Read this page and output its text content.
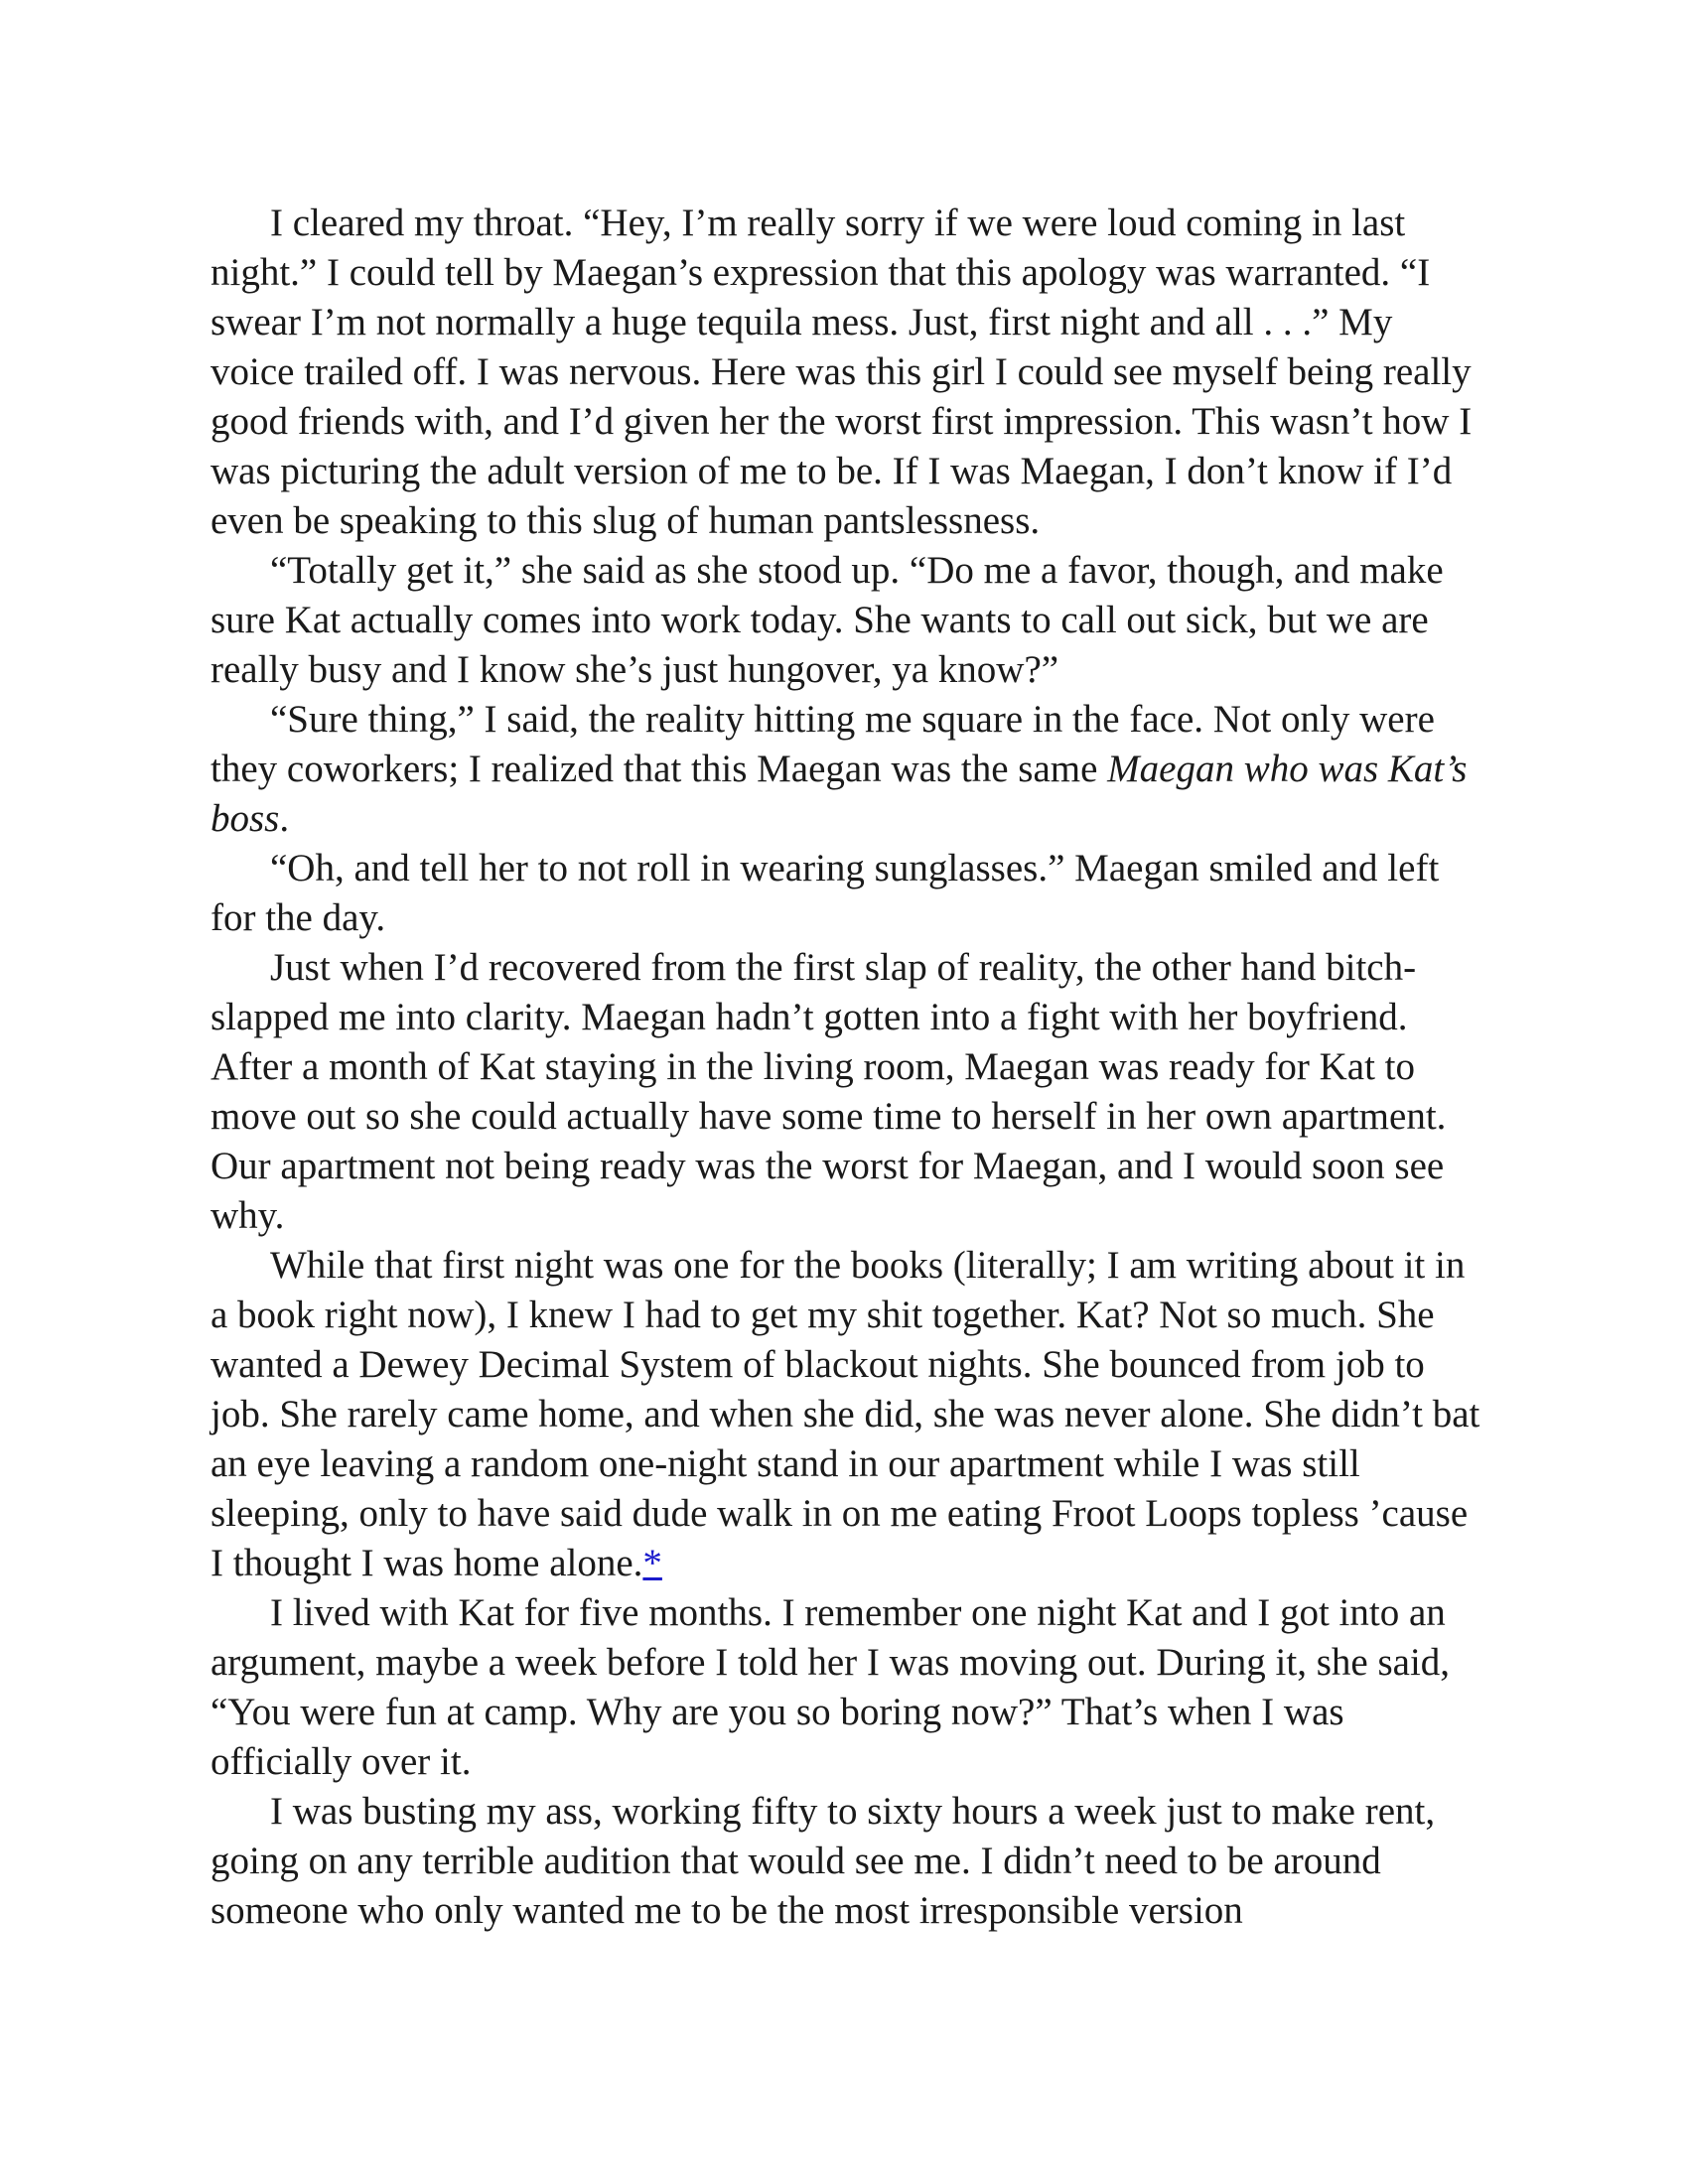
I cleared my throat. “Hey, I’m really sorry if we were loud coming in last night.” I could tell by Maegan’s expression that this apology was warranted. “I swear I’m not normally a huge tequila mess. Just, first night and all . . .” My voice trailed off. I was nervous. Here was this girl I could see myself being really good friends with, and I’d given her the worst first impression. This wasn’t how I was picturing the adult version of me to be. If I was Maegan, I don’t know if I’d even be speaking to this slug of human pantslessness.

“Totally get it,” she said as she stood up. “Do me a favor, though, and make sure Kat actually comes into work today. She wants to call out sick, but we are really busy and I know she’s just hungover, ya know?”

“Sure thing,” I said, the reality hitting me square in the face. Not only were they coworkers; I realized that this Maegan was the same Maegan who was Kat’s boss.

“Oh, and tell her to not roll in wearing sunglasses.” Maegan smiled and left for the day.

Just when I’d recovered from the first slap of reality, the other hand bitch-slapped me into clarity. Maegan hadn’t gotten into a fight with her boyfriend. After a month of Kat staying in the living room, Maegan was ready for Kat to move out so she could actually have some time to herself in her own apartment. Our apartment not being ready was the worst for Maegan, and I would soon see why.

While that first night was one for the books (literally; I am writing about it in a book right now), I knew I had to get my shit together. Kat? Not so much. She wanted a Dewey Decimal System of blackout nights. She bounced from job to job. She rarely came home, and when she did, she was never alone. She didn’t bat an eye leaving a random one-night stand in our apartment while I was still sleeping, only to have said dude walk in on me eating Froot Loops topless ’cause I thought I was home alone.*

I lived with Kat for five months. I remember one night Kat and I got into an argument, maybe a week before I told her I was moving out. During it, she said, “You were fun at camp. Why are you so boring now?” That’s when I was officially over it.

I was busting my ass, working fifty to sixty hours a week just to make rent, going on any terrible audition that would see me. I didn’t need to be around someone who only wanted me to be the most irresponsible version
